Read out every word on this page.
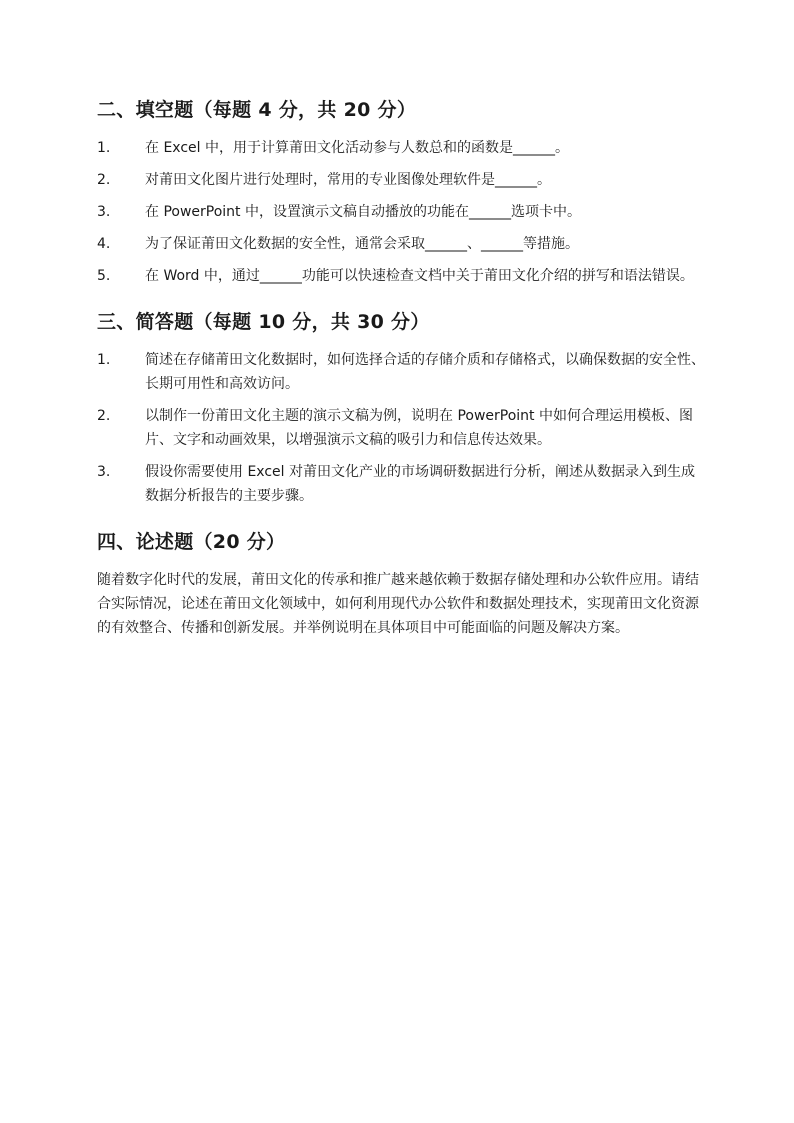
二、填空题（每题 4 分，共 20 分）
1.	在 Excel 中，用于计算莆田文化活动参与人数总和的函数是______。
2.	对莆田文化图片进行处理时，常用的专业图像处理软件是______。
3.	在 PowerPoint 中，设置演示文稿自动播放的功能在______选项卡中。
4.	为了保证莆田文化数据的安全性，通常会采取______、______等措施。
5.	在 Word 中，通过______功能可以快速检查文档中关于莆田文化介绍的拼写和语法错误。
三、简答题（每题 10 分，共 30 分）
1.	简述在存储莆田文化数据时，如何选择合适的存储介质和存储格式，以确保数据的安全性、长期可用性和高效访问。
2.	以制作一份莆田文化主题的演示文稿为例，说明在 PowerPoint 中如何合理运用模板、图片、文字和动画效果，以增强演示文稿的吸引力和信息传达效果。
3.	假设你需要使用 Excel 对莆田文化产业的市场调研数据进行分析，阐述从数据录入到生成数据分析报告的主要步骤。
四、论述题（20 分）

随着数字化时代的发展，莆田文化的传承和推广越来越依赖于数据存储处理和办公软件应用。请结合实际情况，论述在莆田文化领域中，如何利用现代办公软件和数据处理技术，实现莆田文化资源的有效整合、传播和创新发展。并举例说明在具体项目中可能面临的问题及解决方案。
